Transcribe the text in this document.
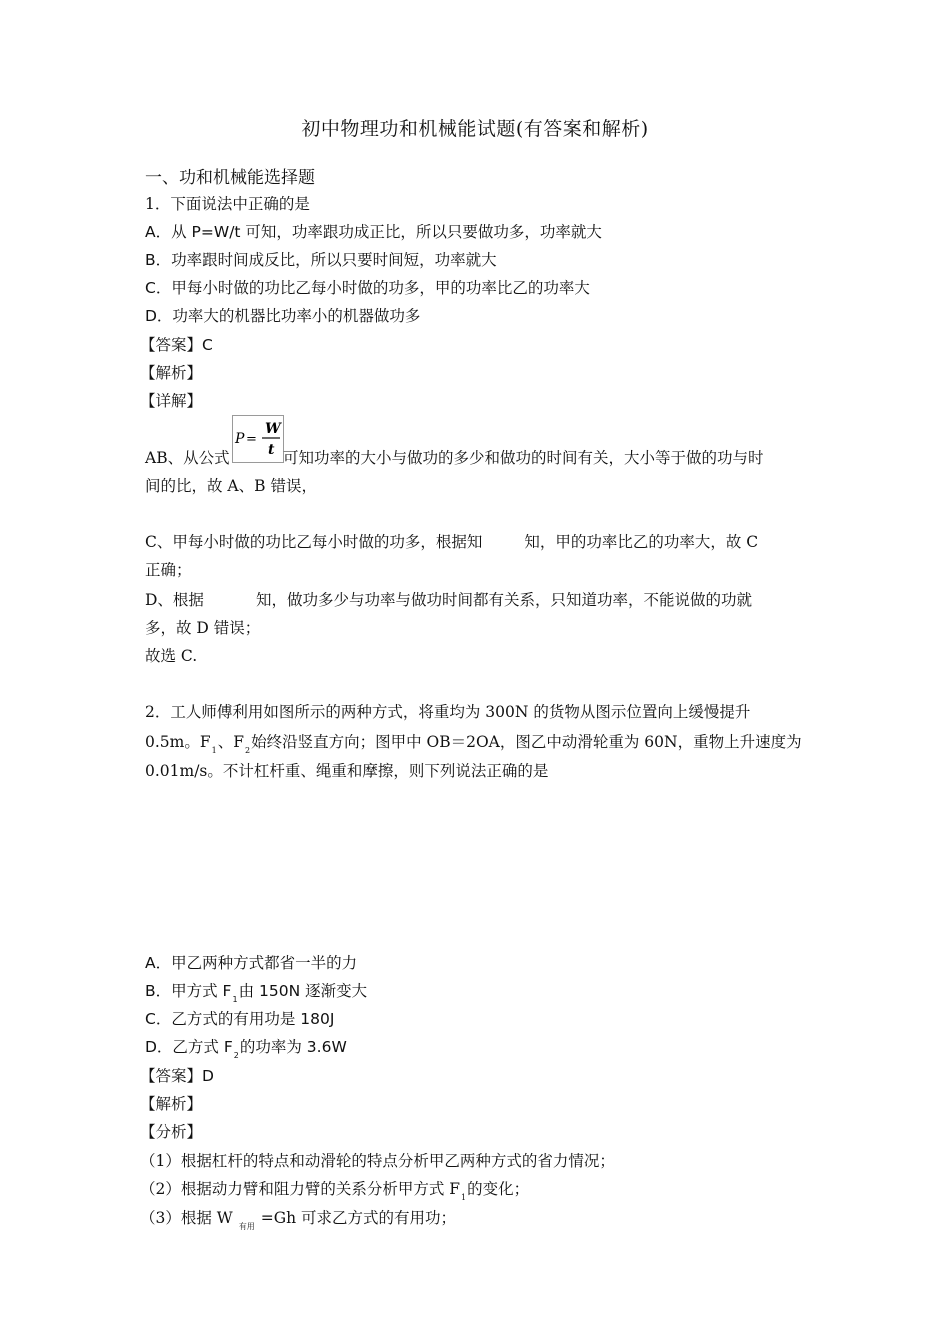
初中物理功和机械能试题(有答案和解析)
一、功和机械能选择题
1．下面说法中正确的是
A．从 P=W/t 可知，功率跟功成正比，所以只要做功多，功率就大
B．功率跟时间成反比，所以只要时间短，功率就大
C．甲每小时做的功比乙每小时做的功多，甲的功率比乙的功率大
D．功率大的机器比功率小的机器做功多
【答案】C
【解析】
【详解】
AB、从公式
P =
W
t 可知功率的大小与做功的多少和做功的时间有关，大小等于做的功与时
间的比，故 A、B 错误，
C、甲每小时做的功比乙每小时做的功多，根据知	知，甲的功率比乙的功率大，故 C
正确；
D、根据	知，做功多少与功率与做功时间都有关系，只知道功率，不能说做的功就
多，故 D 错误；
故选 C.
2．工人师傅利用如图所示的两种方式，将重均为 300N 的货物从图示位置向上缓慢提升
0.5m。$F_1$、$F_2$始终沿竖直方向；图甲中 OB＝2OA，图乙中动滑轮重为 60N，重物上升速度为
0.01m/s。不计杠杆重、绳重和摩擦，则下列说法正确的是
A．甲乙两种方式都省一半的力
B．甲方式 $F_1$由 150N 逐渐变大
C．乙方式的有用功是 180J
D．乙方式 $F_2$的功率为 3.6W
【答案】D
【解析】
【分析】
（1）根据杠杆的特点和动滑轮的特点分析甲乙两种方式的省力情况；
（2）根据动力臂和阻力臂的关系分析甲方式 $F_1$的变化；
（3）根据 W $_{有用}$ =Gh 可求乙方式的有用功；
